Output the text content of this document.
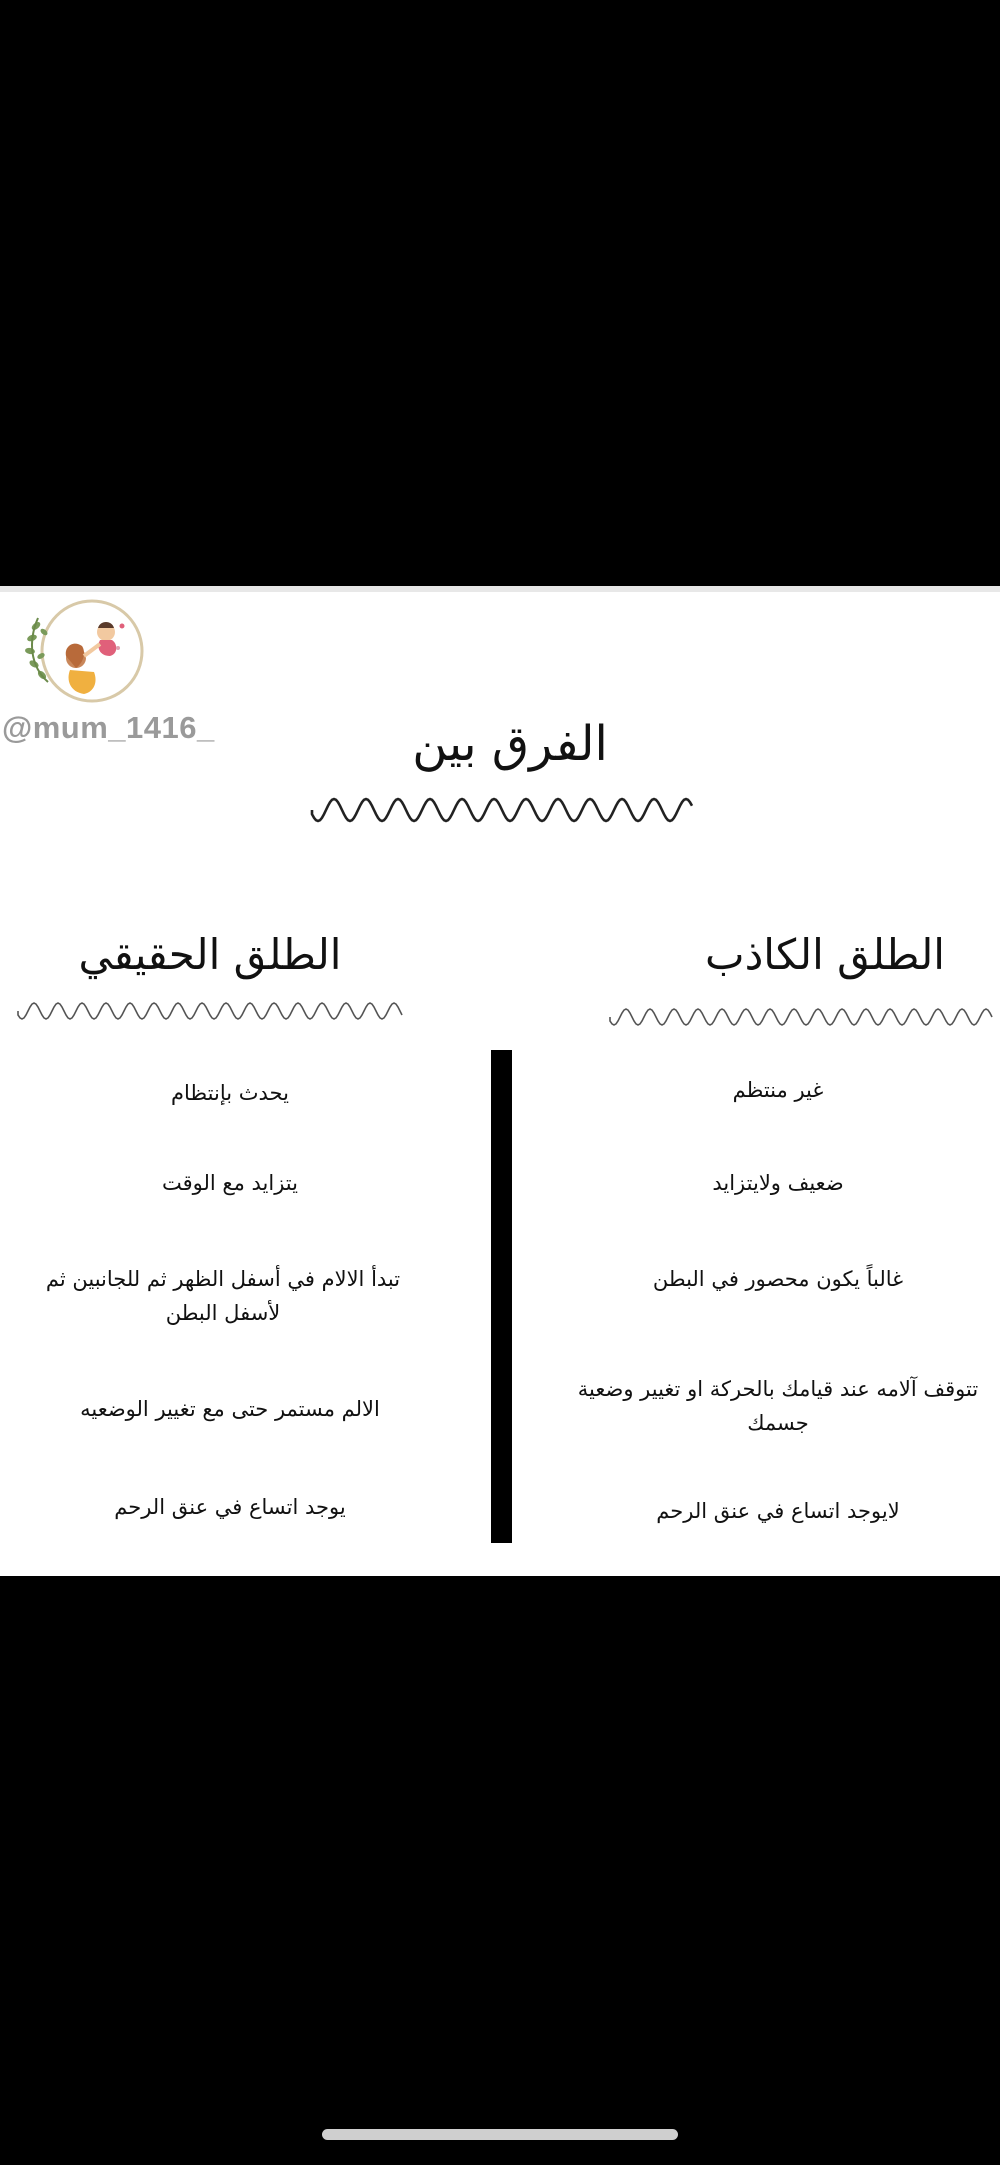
@mum_1416_	الفرق بين
الطلق الكاذب
الطلق الحقيقي
غير منتظم
ضعيف ولايتزايد
غالباً يكون محصور في البطن
تتوقف آلامه عند قيامك بالحركة او تغيير وضعية جسمك
لايوجد اتساع في عنق الرحم
يحدث بإنتظام
يتزايد مع الوقت
تبدأ الالام في أسفل الظهر ثم للجانبين ثم لأسفل البطن
الالم مستمر حتى مع تغيير الوضعيه
يوجد اتساع في عنق الرحم
